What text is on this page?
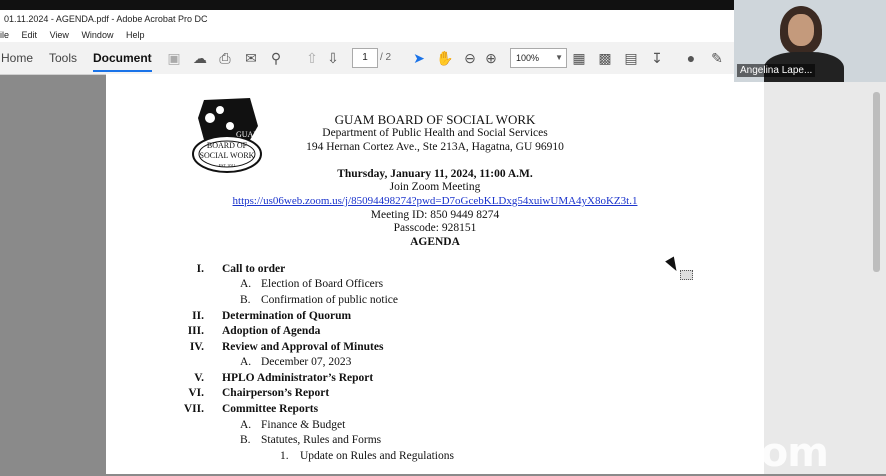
01.11.2024 - AGENDA.pdf - Adobe Acrobat Pro DC
ile Edit View Window Help
Home Tools Document ▣ ☁ ⎙ ✉ ⚲ ⇧ ⇩	1	/ 2 ➤ ✋ ⊖ ⊕	100% ▼ ▦ ▩ ▤ ↧	●	✎
GUAM
BOARD OF
SOCIAL WORK
EST. 2011
GUAM BOARD OF SOCIAL WORK
Department of Public Health and Social Services
194 Hernan Cortez Ave., Ste 213A, Hagatna, GU 96910
Thursday, January 11, 2024, 11:00 A.M.
Join Zoom Meeting
https://us06web.zoom.us/j/85094498274?pwd=D7oGcebKLDxg54xuiwUMA4yX8oKZ3t.1
Meeting ID: 850 9449 8274
Passcode: 928151
AGENDA
I. Call to order
A. Election of Board Officers
B. Confirmation of public notice
II. Determination of Quorum
III. Adoption of Agenda
IV. Review and Approval of Minutes
A. December 07, 2023
V. HPLO Administrator’s Report
VI. Chairperson’s Report
VII. Committee Reports
A. Finance & Budget
B. Statutes, Rules and Forms
1. Update on Rules and Regulations
Angelina Lape...
zoom
